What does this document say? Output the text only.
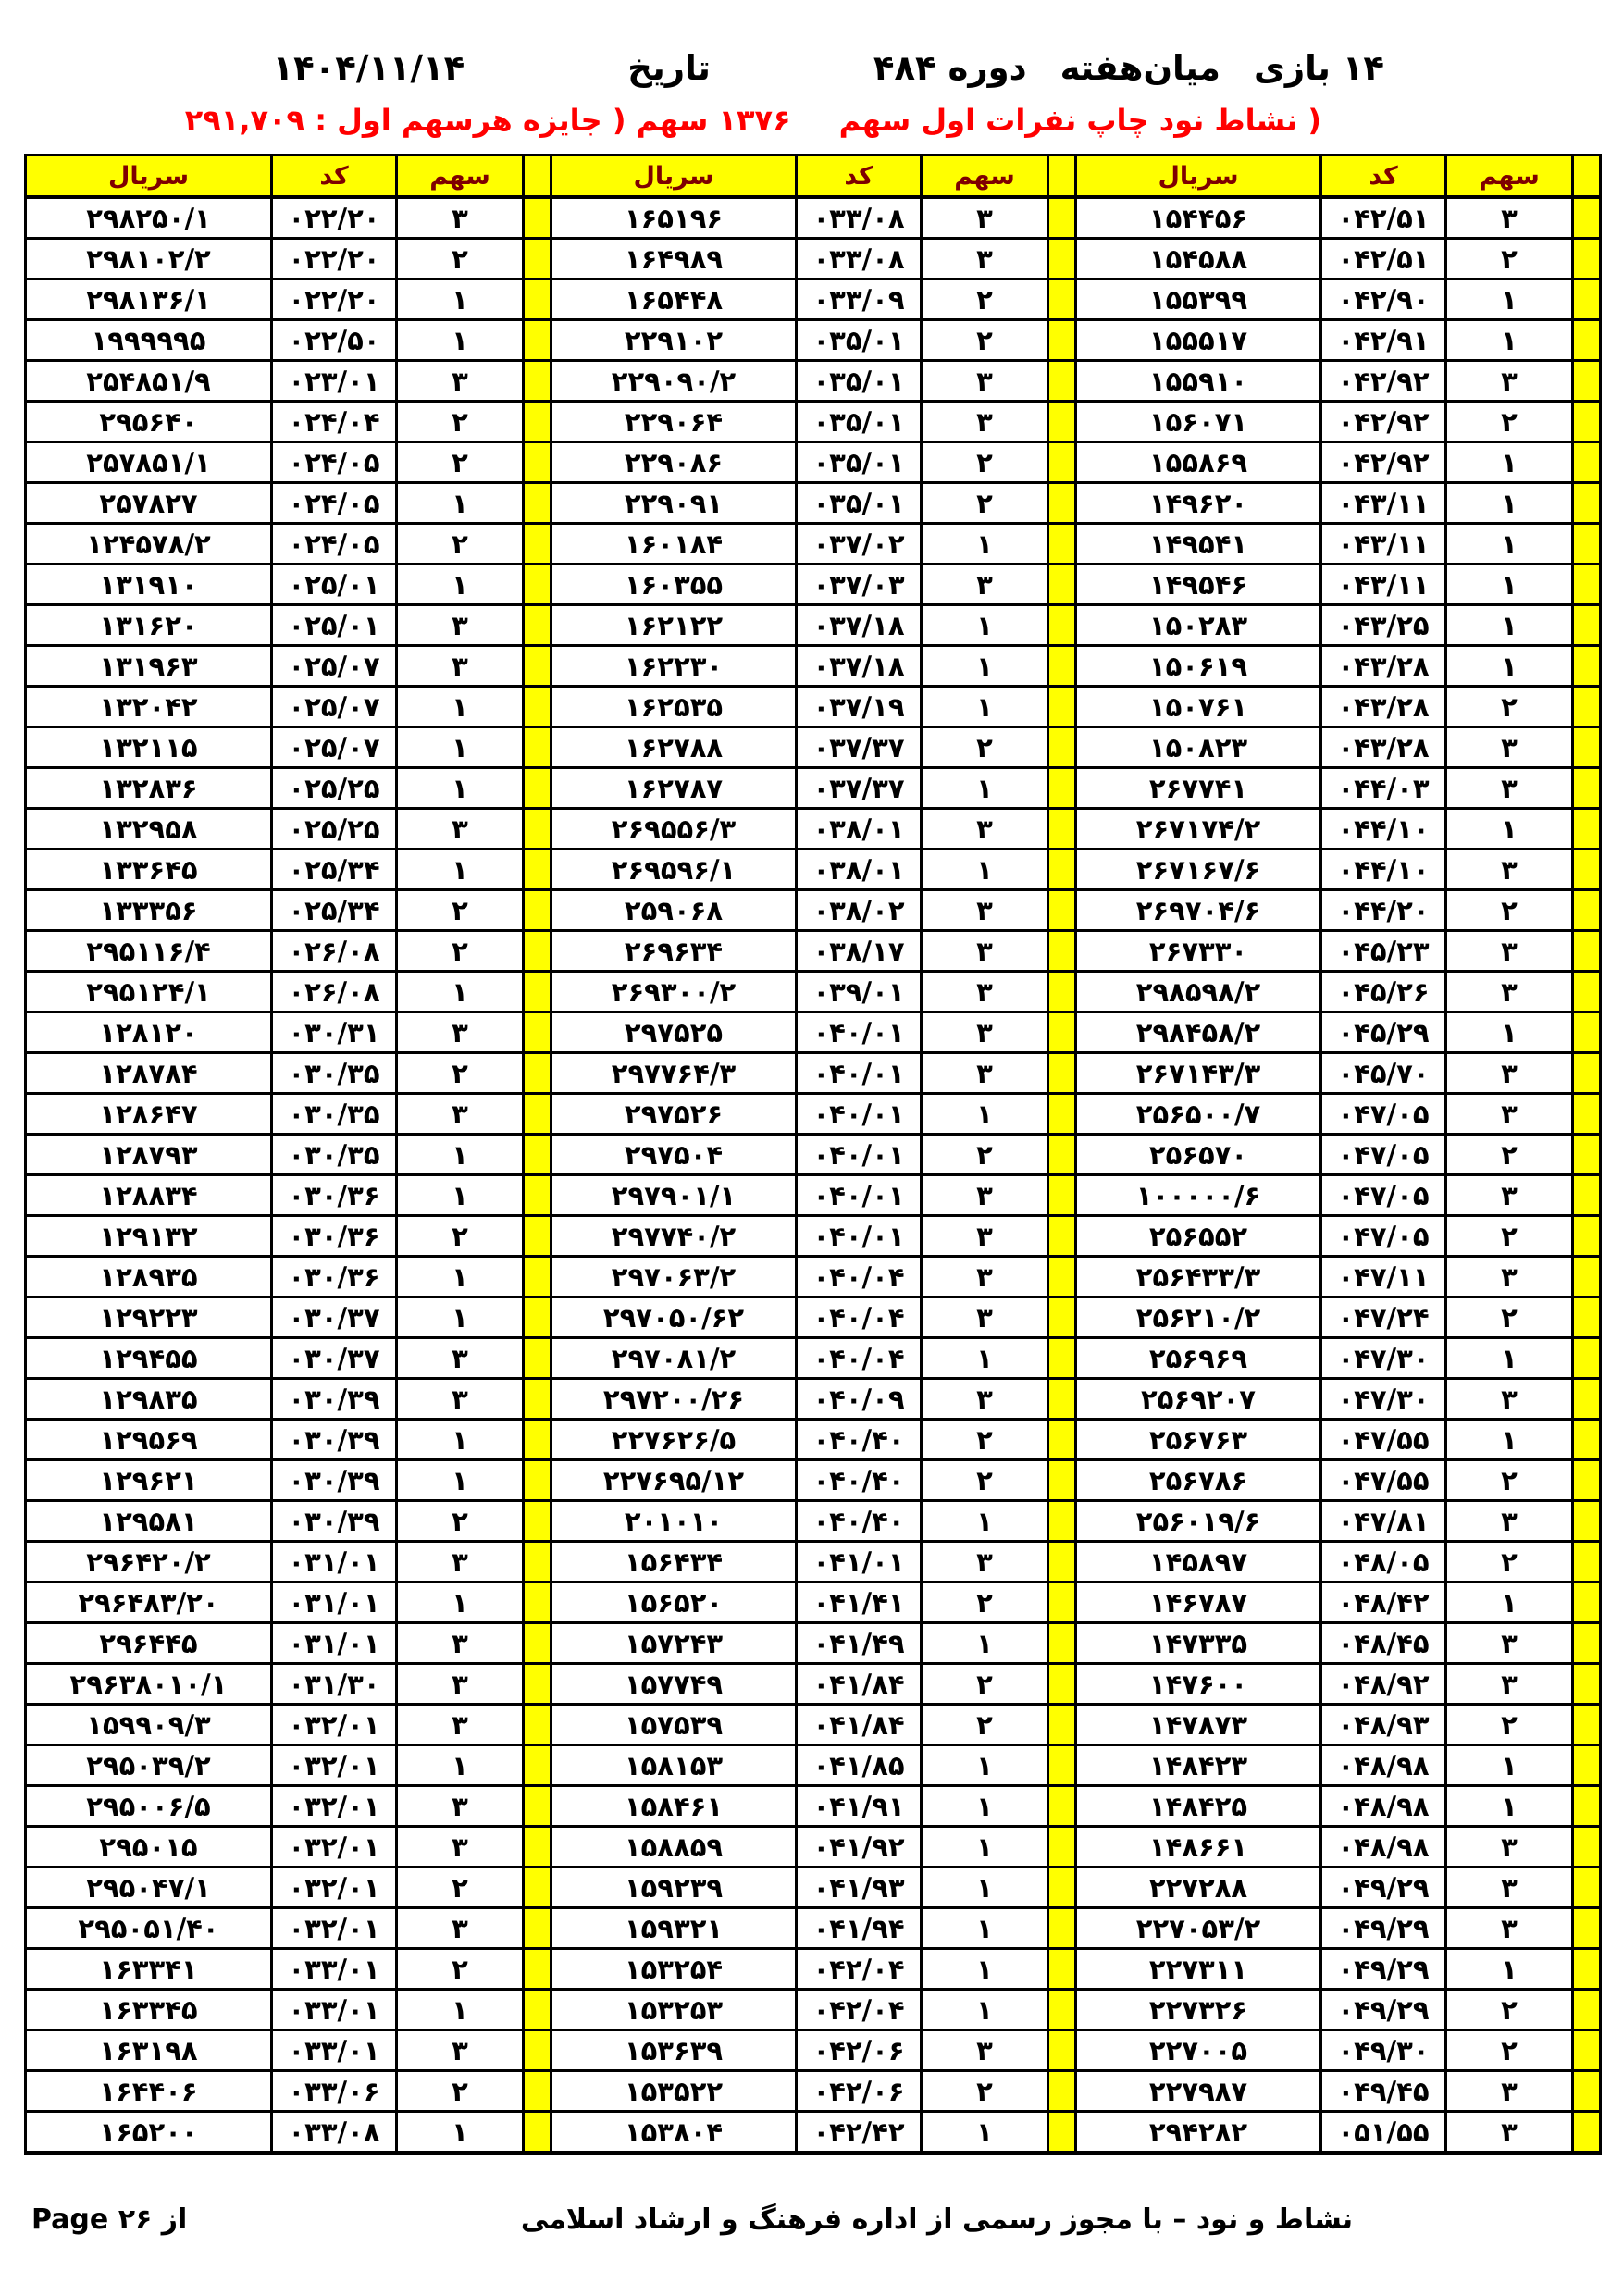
۱۴ بازی
میان‌هفته
دوره ۴۸۴
تاریخ
۱۴۰۴/۱۱/۱۴
( نشاط نود چاپ نفرات اول سهم
۱۳۷۶ سهم ( جایزه هرسهم اول : ۲۹۱,۷۰۹
	سهم	کد	سریال		سهم	کد	سریال		سهم	کد	سریال
	۳	۰۴۲/۵۱	۱۵۴۴۵۶		۳	۰۳۳/۰۸	۱۶۵۱۹۶		۳	۰۲۲/۲۰	۲۹۸۲۵۰/۱
	۲	۰۴۲/۵۱	۱۵۴۵۸۸		۳	۰۳۳/۰۸	۱۶۴۹۸۹		۲	۰۲۲/۲۰	۲۹۸۱۰۲/۲
	۱	۰۴۲/۹۰	۱۵۵۳۹۹		۲	۰۳۳/۰۹	۱۶۵۴۴۸		۱	۰۲۲/۲۰	۲۹۸۱۳۶/۱
	۱	۰۴۲/۹۱	۱۵۵۵۱۷		۲	۰۳۵/۰۱	۲۲۹۱۰۲		۱	۰۲۲/۵۰	۱۹۹۹۹۹۵
	۳	۰۴۲/۹۲	۱۵۵۹۱۰		۳	۰۳۵/۰۱	۲۲۹۰۹۰/۲		۳	۰۲۳/۰۱	۲۵۴۸۵۱/۹
	۲	۰۴۲/۹۲	۱۵۶۰۷۱		۳	۰۳۵/۰۱	۲۲۹۰۶۴		۲	۰۲۴/۰۴	۲۹۵۶۴۰
	۱	۰۴۲/۹۲	۱۵۵۸۶۹		۲	۰۳۵/۰۱	۲۲۹۰۸۶		۲	۰۲۴/۰۵	۲۵۷۸۵۱/۱
	۱	۰۴۳/۱۱	۱۴۹۶۲۰		۲	۰۳۵/۰۱	۲۲۹۰۹۱		۱	۰۲۴/۰۵	۲۵۷۸۲۷
	۱	۰۴۳/۱۱	۱۴۹۵۴۱		۱	۰۳۷/۰۲	۱۶۰۱۸۴		۲	۰۲۴/۰۵	۱۲۴۵۷۸/۲
	۱	۰۴۳/۱۱	۱۴۹۵۴۶		۳	۰۳۷/۰۳	۱۶۰۳۵۵		۱	۰۲۵/۰۱	۱۳۱۹۱۰
	۱	۰۴۳/۲۵	۱۵۰۲۸۳		۱	۰۳۷/۱۸	۱۶۲۱۲۲		۳	۰۲۵/۰۱	۱۳۱۶۲۰
	۱	۰۴۳/۲۸	۱۵۰۶۱۹		۱	۰۳۷/۱۸	۱۶۲۲۳۰		۳	۰۲۵/۰۷	۱۳۱۹۶۳
	۲	۰۴۳/۲۸	۱۵۰۷۶۱		۱	۰۳۷/۱۹	۱۶۲۵۳۵		۱	۰۲۵/۰۷	۱۳۲۰۴۲
	۳	۰۴۳/۲۸	۱۵۰۸۲۳		۲	۰۳۷/۳۷	۱۶۲۷۸۸		۱	۰۲۵/۰۷	۱۳۲۱۱۵
	۳	۰۴۴/۰۳	۲۶۷۷۴۱		۱	۰۳۷/۳۷	۱۶۲۷۸۷		۱	۰۲۵/۲۵	۱۳۲۸۳۶
	۱	۰۴۴/۱۰	۲۶۷۱۷۴/۲		۳	۰۳۸/۰۱	۲۶۹۵۵۶/۳		۳	۰۲۵/۲۵	۱۳۲۹۵۸
	۳	۰۴۴/۱۰	۲۶۷۱۶۷/۶		۱	۰۳۸/۰۱	۲۶۹۵۹۶/۱		۱	۰۲۵/۳۴	۱۳۳۶۴۵
	۲	۰۴۴/۲۰	۲۶۹۷۰۴/۶		۳	۰۳۸/۰۲	۲۵۹۰۶۸		۲	۰۲۵/۳۴	۱۳۳۳۵۶
	۳	۰۴۵/۲۳	۲۶۷۳۳۰		۳	۰۳۸/۱۷	۲۶۹۶۳۴		۲	۰۲۶/۰۸	۲۹۵۱۱۶/۴
	۳	۰۴۵/۲۶	۲۹۸۵۹۸/۲		۳	۰۳۹/۰۱	۲۶۹۳۰۰/۲		۱	۰۲۶/۰۸	۲۹۵۱۲۴/۱
	۱	۰۴۵/۲۹	۲۹۸۴۵۸/۲		۳	۰۴۰/۰۱	۲۹۷۵۲۵		۳	۰۳۰/۳۱	۱۲۸۱۲۰
	۳	۰۴۵/۷۰	۲۶۷۱۴۳/۳		۳	۰۴۰/۰۱	۲۹۷۷۶۴/۳		۲	۰۳۰/۳۵	۱۲۸۷۸۴
	۳	۰۴۷/۰۵	۲۵۶۵۰۰/۷		۱	۰۴۰/۰۱	۲۹۷۵۲۶		۳	۰۳۰/۳۵	۱۲۸۶۴۷
	۲	۰۴۷/۰۵	۲۵۶۵۷۰		۲	۰۴۰/۰۱	۲۹۷۵۰۴		۱	۰۳۰/۳۵	۱۲۸۷۹۳
	۳	۰۴۷/۰۵	۱۰۰۰۰۰/۶		۳	۰۴۰/۰۱	۲۹۷۹۰۱/۱		۱	۰۳۰/۳۶	۱۲۸۸۳۴
	۲	۰۴۷/۰۵	۲۵۶۵۵۲		۳	۰۴۰/۰۱	۲۹۷۷۴۰/۲		۲	۰۳۰/۳۶	۱۲۹۱۳۲
	۳	۰۴۷/۱۱	۲۵۶۴۳۳/۳		۳	۰۴۰/۰۴	۲۹۷۰۶۳/۲		۱	۰۳۰/۳۶	۱۲۸۹۳۵
	۲	۰۴۷/۲۴	۲۵۶۲۱۰/۲		۳	۰۴۰/۰۴	۲۹۷۰۵۰/۶۲		۱	۰۳۰/۳۷	۱۲۹۲۲۳
	۱	۰۴۷/۳۰	۲۵۶۹۶۹		۱	۰۴۰/۰۴	۲۹۷۰۸۱/۲		۳	۰۳۰/۳۷	۱۲۹۴۵۵
	۳	۰۴۷/۳۰	۲۵۶۹۲۰۷		۳	۰۴۰/۰۹	۲۹۷۲۰۰/۲۶		۳	۰۳۰/۳۹	۱۲۹۸۳۵
	۱	۰۴۷/۵۵	۲۵۶۷۶۳		۲	۰۴۰/۴۰	۲۲۷۶۲۶/۵		۱	۰۳۰/۳۹	۱۲۹۵۶۹
	۲	۰۴۷/۵۵	۲۵۶۷۸۶		۲	۰۴۰/۴۰	۲۲۷۶۹۵/۱۲		۱	۰۳۰/۳۹	۱۲۹۶۲۱
	۳	۰۴۷/۸۱	۲۵۶۰۱۹/۶		۱	۰۴۰/۴۰	۲۰۱۰۱۰		۲	۰۳۰/۳۹	۱۲۹۵۸۱
	۲	۰۴۸/۰۵	۱۴۵۸۹۷		۳	۰۴۱/۰۱	۱۵۶۴۳۴		۳	۰۳۱/۰۱	۲۹۶۴۲۰/۲
	۱	۰۴۸/۴۲	۱۴۶۷۸۷		۲	۰۴۱/۴۱	۱۵۶۵۲۰		۱	۰۳۱/۰۱	۲۹۶۴۸۳/۲۰
	۳	۰۴۸/۴۵	۱۴۷۳۳۵		۱	۰۴۱/۴۹	۱۵۷۲۴۳		۳	۰۳۱/۰۱	۲۹۶۴۴۵
	۳	۰۴۸/۹۲	۱۴۷۶۰۰		۲	۰۴۱/۸۴	۱۵۷۷۴۹		۳	۰۳۱/۳۰	۲۹۶۳۸۰۱۰/۱
	۲	۰۴۸/۹۳	۱۴۷۸۷۳		۲	۰۴۱/۸۴	۱۵۷۵۳۹		۳	۰۳۲/۰۱	۱۵۹۹۰۹/۳
	۱	۰۴۸/۹۸	۱۴۸۴۲۳		۱	۰۴۱/۸۵	۱۵۸۱۵۳		۱	۰۳۲/۰۱	۲۹۵۰۳۹/۲
	۱	۰۴۸/۹۸	۱۴۸۴۲۵		۱	۰۴۱/۹۱	۱۵۸۴۶۱		۳	۰۳۲/۰۱	۲۹۵۰۰۶/۵
	۳	۰۴۸/۹۸	۱۴۸۶۶۱		۱	۰۴۱/۹۲	۱۵۸۸۵۹		۳	۰۳۲/۰۱	۲۹۵۰۱۵
	۳	۰۴۹/۲۹	۲۲۷۲۸۸		۱	۰۴۱/۹۳	۱۵۹۲۳۹		۲	۰۳۲/۰۱	۲۹۵۰۴۷/۱
	۳	۰۴۹/۲۹	۲۲۷۰۵۳/۲		۱	۰۴۱/۹۴	۱۵۹۳۲۱		۳	۰۳۲/۰۱	۲۹۵۰۵۱/۴۰
	۱	۰۴۹/۲۹	۲۲۷۳۱۱		۱	۰۴۲/۰۴	۱۵۳۲۵۴		۲	۰۳۳/۰۱	۱۶۳۳۴۱
	۲	۰۴۹/۲۹	۲۲۷۳۲۶		۱	۰۴۲/۰۴	۱۵۳۲۵۳		۱	۰۳۳/۰۱	۱۶۳۳۴۵
	۲	۰۴۹/۳۰	۲۲۷۰۰۵		۳	۰۴۲/۰۶	۱۵۳۶۳۹		۳	۰۳۳/۰۱	۱۶۳۱۹۸
	۳	۰۴۹/۴۵	۲۲۷۹۸۷		۲	۰۴۲/۰۶	۱۵۳۵۲۲		۲	۰۳۳/۰۶	۱۶۴۴۰۶
	۳	۰۵۱/۵۵	۲۹۴۲۸۲		۱	۰۴۲/۴۲	۱۵۳۸۰۴		۱	۰۳۳/۰۸	۱۶۵۲۰۰
Page ۲۶ از	نشاط و نود – با مجوز رسمی از اداره فرهنگ و ارشاد اسلامی
